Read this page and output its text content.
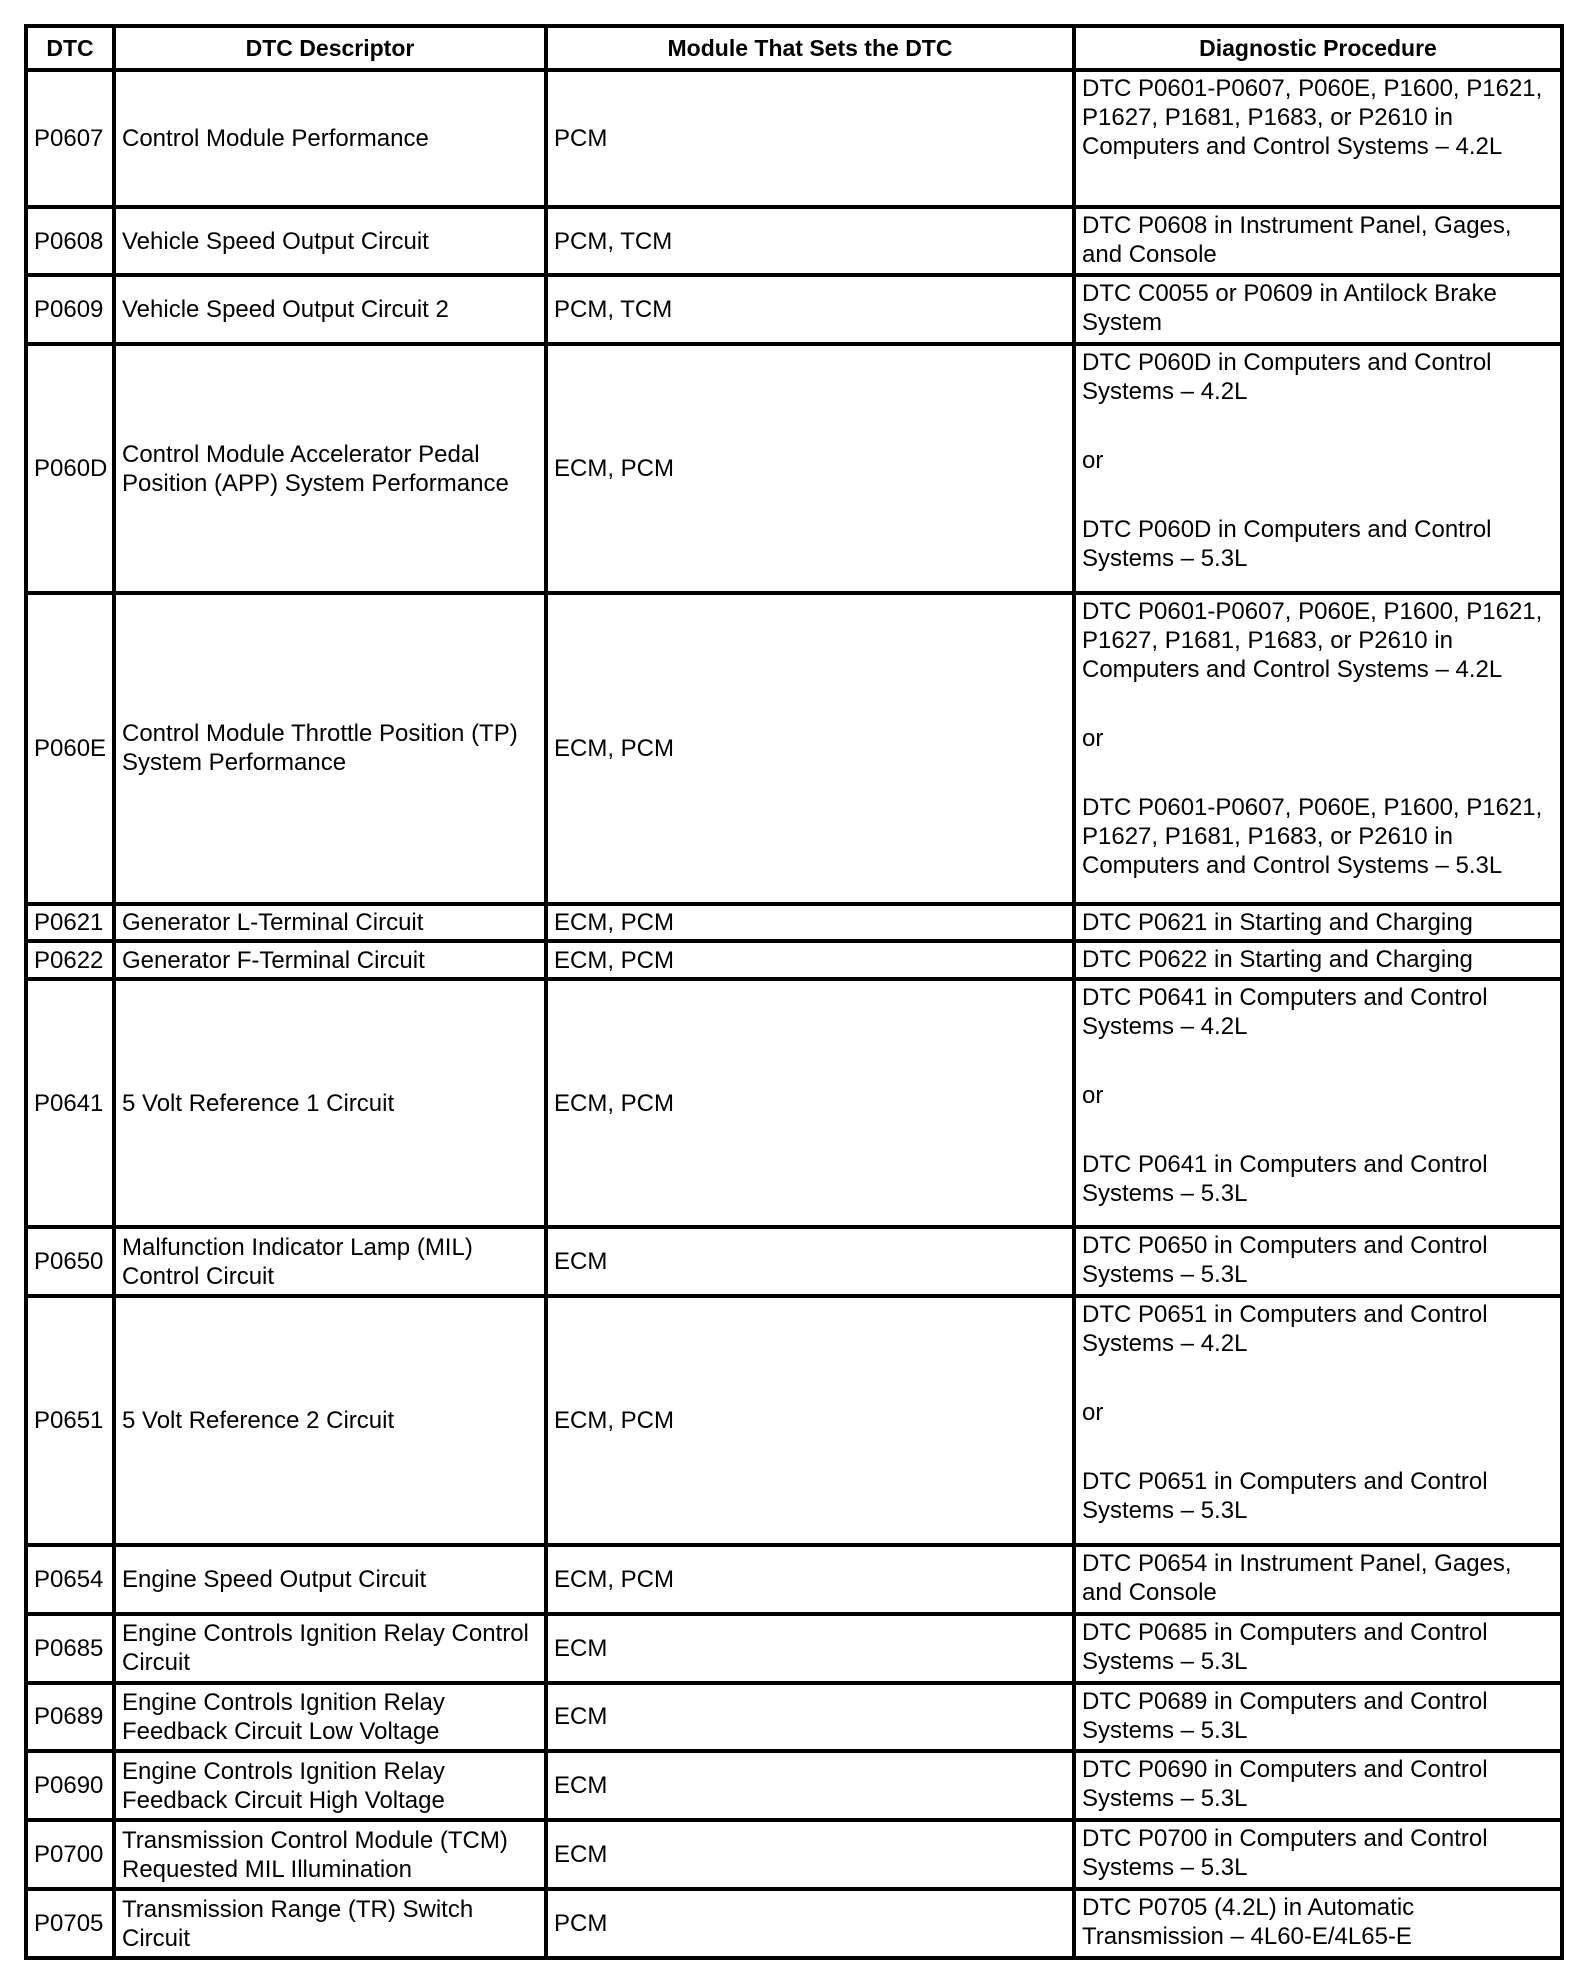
DTC	DTC Descriptor	Module That Sets the DTC	Diagnostic Procedure
P0607	Control Module Performance	PCM	DTC P0601-P0607, P060E, P1600, P1621, P1627, P1681, P1683, or P2610 in Computers and Control Systems – 4.2L

P0608	Vehicle Speed Output Circuit	PCM, TCM	DTC P0608 in Instrument Panel, Gages, and Console

P0609	Vehicle Speed Output Circuit 2	PCM, TCM	DTC C0055 or P0609 in Antilock Brake System

P060D	Control Module Accelerator Pedal Position (APP) System Performance	ECM, PCM	DTC P060D in Computers and Control Systems – 4.2L

or

DTC P060D in Computers and Control Systems – 5.3L

P060E	Control Module Throttle Position (TP) System Performance	ECM, PCM	DTC P0601-P0607, P060E, P1600, P1621, P1627, P1681, P1683, or P2610 in Computers and Control Systems – 4.2L

or

DTC P0601-P0607, P060E, P1600, P1621, P1627, P1681, P1683, or P2610 in Computers and Control Systems – 5.3L

P0621	Generator L-Terminal Circuit	ECM, PCM	DTC P0621 in Starting and Charging

P0622	Generator F-Terminal Circuit	ECM, PCM	DTC P0622 in Starting and Charging

P0641	5 Volt Reference 1 Circuit	ECM, PCM	DTC P0641 in Computers and Control Systems – 4.2L

or

DTC P0641 in Computers and Control Systems – 5.3L

P0650	Malfunction Indicator Lamp (MIL) Control Circuit	ECM	DTC P0650 in Computers and Control Systems – 5.3L

P0651	5 Volt Reference 2 Circuit	ECM, PCM	DTC P0651 in Computers and Control Systems – 4.2L

or

DTC P0651 in Computers and Control Systems – 5.3L

P0654	Engine Speed Output Circuit	ECM, PCM	DTC P0654 in Instrument Panel, Gages, and Console

P0685	Engine Controls Ignition Relay Control Circuit	ECM	DTC P0685 in Computers and Control Systems – 5.3L

P0689	Engine Controls Ignition Relay Feedback Circuit Low Voltage	ECM	DTC P0689 in Computers and Control Systems – 5.3L

P0690	Engine Controls Ignition Relay Feedback Circuit High Voltage	ECM	DTC P0690 in Computers and Control Systems – 5.3L

P0700	Transmission Control Module (TCM) Requested MIL Illumination	ECM	DTC P0700 in Computers and Control Systems – 5.3L

P0705	Transmission Range (TR) Switch Circuit	PCM	DTC P0705 (4.2L) in Automatic Transmission – 4L60-E/4L65-E
